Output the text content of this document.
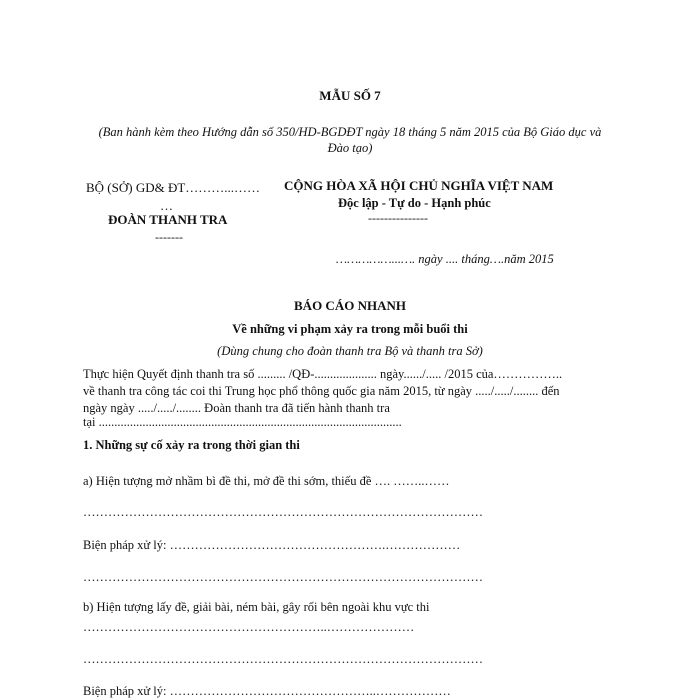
MẪU SỐ 7
(Ban hành kèm theo Hướng dẫn số 350/HD-BGDĐT ngày 18 tháng 5 năm 2015 của Bộ Giáo dục và Đào tạo)
BỘ (SỞ) GD& ĐT………...……
…
ĐOÀN THANH TRA
-------
CỘNG HÒA XÃ HỘI CHỦ NGHĨA VIỆT NAM
Độc lập - Tự do - Hạnh phúc
---------------
……………...…. ngày .... tháng….năm 2015
BÁO CÁO NHANH
Về những vi phạm xảy ra trong mỗi buổi thi
(Dùng chung cho đoàn thanh tra Bộ và thanh tra Sở)
Thực hiện Quyết định thanh tra số ......... /QĐ-.................... ngày....../..... /2015 của……………..
về thanh tra công tác coi thi Trung học phổ thông quốc gia năm 2015, từ ngày ...../...../........ đến
ngày ngày ...../...../........ Đoàn thanh tra đã tiến hành thanh tra
tại .................................................................................................
1. Những sự cố xảy ra trong thời gian thi
a) Hiện tượng mở nhầm bì đề thi, mở đề thi sớm, thiếu đề …. ……..……
……………………………………………………………………………………
Biện pháp xử lý: …………………………………………….………………
……………………………………………………………………………………
b) Hiện tượng lấy đề, giải bài, ném bài, gây rối bên ngoài khu vực thi
…………………………………………………..…………………
……………………………………………………………………………………
Biện pháp xử lý: …………………………………………..………………
